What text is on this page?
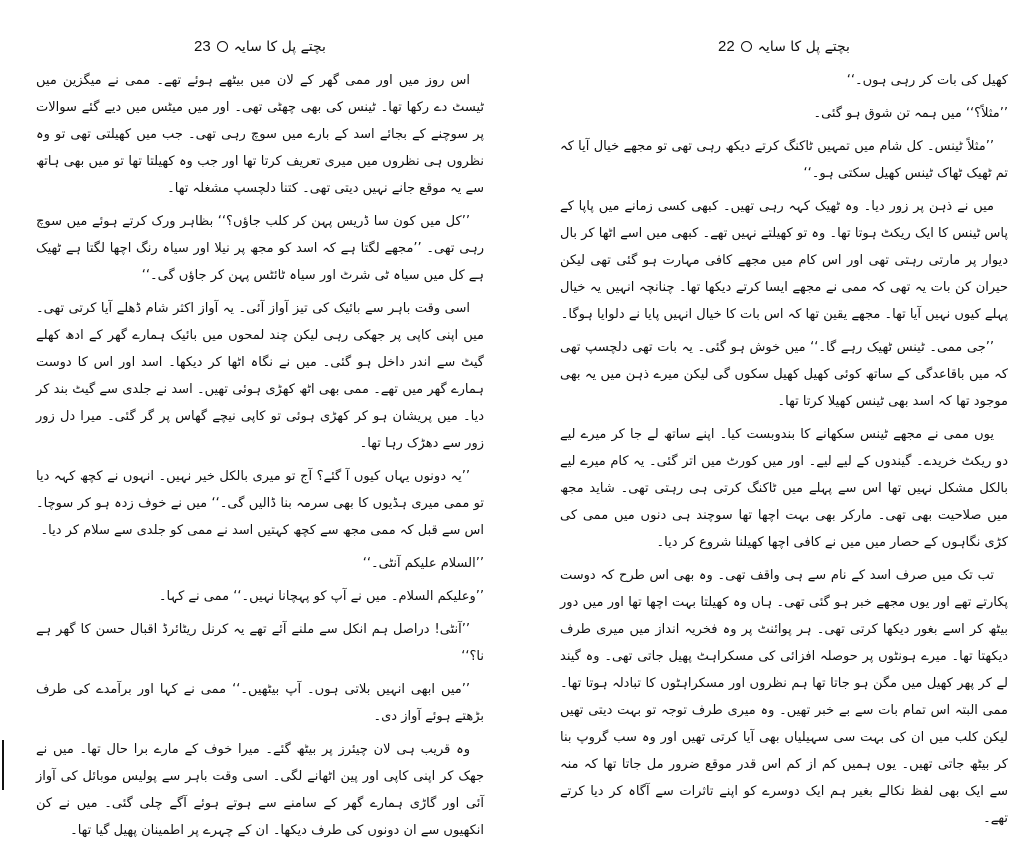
23 بچتے پل کا سایہ

اس روز میں اور ممی گھر کے لان میں بیٹھے ہوئے تھے۔ ممی نے میگزین میں ٹیسٹ دے رکھا تھا۔ ٹینس کی بھی چھٹی تھی۔ اور میں میٹس میں دیے گئے سوالات پر سوچنے کے بجائے اسد کے بارے میں سوچ رہی تھی۔ جب میں کھیلتی تھی تو وہ نظروں ہی نظروں میں میری تعریف کرتا تھا اور جب وہ کھیلتا تھا تو میں بھی ہاتھ سے یہ موقع جانے نہیں دیتی تھی۔ کتنا دلچسپ مشغلہ تھا۔

’’کل میں کون سا ڈریس پہن کر کلب جاؤں؟‘‘ بظاہر ورک کرتے ہوئے میں سوچ رہی تھی۔ ’’مجھے لگتا ہے کہ اسد کو مجھ پر نیلا اور سیاہ رنگ اچھا لگتا ہے ٹھیک ہے کل میں سیاہ ٹی شرٹ اور سیاہ ٹائٹس پہن کر جاؤں گی۔‘‘

اسی وقت باہر سے بائیک کی تیز آواز آئی۔ یہ آواز اکثر شام ڈھلے آیا کرتی تھی۔ میں اپنی کاپی پر جھکی رہی لیکن چند لمحوں میں بائیک ہمارے گھر کے ادھ کھلے گیٹ سے اندر داخل ہو گئی۔ میں نے نگاہ اٹھا کر دیکھا۔ اسد اور اس کا دوست ہمارے گھر میں تھے۔ ممی بھی اٹھ کھڑی ہوئی تھیں۔ اسد نے جلدی سے گیٹ بند کر دیا۔ میں پریشان ہو کر کھڑی ہوئی تو کاپی نیچے گھاس پر گر گئی۔ میرا دل زور زور سے دھڑک رہا تھا۔

’’یہ دونوں یہاں کیوں آ گئے؟ آج تو میری بالکل خیر نہیں۔ انہوں نے کچھ کہہ دیا تو ممی میری ہڈیوں کا بھی سرمہ بنا ڈالیں گی۔‘‘ میں نے خوف زدہ ہو کر سوچا۔ اس سے قبل کہ ممی مجھ سے کچھ کہتیں اسد نے ممی کو جلدی سے سلام کر دیا۔

’’السلام علیکم آنٹی۔‘‘

’’وعلیکم السلام۔ میں نے آپ کو پہچانا نہیں۔‘‘ ممی نے کہا۔

’’آنٹی! دراصل ہم انکل سے ملنے آئے تھے یہ کرنل ریٹائرڈ اقبال حسن کا گھر ہے نا؟‘‘

’’میں ابھی انہیں بلاتی ہوں۔ آپ بیٹھیں۔‘‘ ممی نے کہا اور برآمدے کی طرف بڑھتے ہوئے آواز دی۔

وہ قریب ہی لان چیئرز پر بیٹھ گئے۔ میرا خوف کے مارے برا حال تھا۔ میں نے جھک کر اپنی کاپی اور پین اٹھانے لگی۔ اسی وقت باہر سے پولیس موبائل کی آواز آئی اور گاڑی ہمارے گھر کے سامنے سے ہوتے ہوئے آگے چلی گئی۔ میں نے کن انکھیوں سے ان دونوں کی طرف دیکھا۔ ان کے چہرے پر اطمینان پھیل گیا تھا۔

22 بچتے پل کا سایہ

کھیل کی بات کر رہی ہوں۔‘‘

’’مثلاً؟‘‘ میں ہمہ تن شوق ہو گئی۔

’’مثلاً ٹینس۔ کل شام میں تمہیں ٹاکنگ کرتے دیکھ رہی تھی تو مجھے خیال آیا کہ تم ٹھیک ٹھاک ٹینس کھیل سکتی ہو۔‘‘

میں نے ذہن پر زور دیا۔ وہ ٹھیک کہہ رہی تھیں۔ کبھی کسی زمانے میں پاپا کے پاس ٹینس کا ایک ریکٹ ہوتا تھا۔ وہ تو کھیلتے نہیں تھے۔ کبھی میں اسے اٹھا کر بال دیوار پر مارتی رہتی تھی اور اس کام میں مجھے کافی مہارت ہو گئی تھی لیکن حیران کن بات یہ تھی کہ ممی نے مجھے ایسا کرتے دیکھا تھا۔ چنانچہ انہیں یہ خیال پہلے کیوں نہیں آیا تھا۔ مجھے یقین تھا کہ اس بات کا خیال انہیں پایا نے دلوایا ہوگا۔

’’جی ممی۔ ٹینس ٹھیک رہے گا۔‘‘ میں خوش ہو گئی۔ یہ بات تھی دلچسپ تھی کہ میں باقاعدگی کے ساتھ کوئی کھیل کھیل سکوں گی لیکن میرے ذہن میں یہ بھی موجود تھا کہ اسد بھی ٹینس کھیلا کرتا تھا۔

یوں ممی نے مجھے ٹینس سکھانے کا بندوبست کیا۔ اپنے ساتھ لے جا کر میرے لیے دو ریکٹ خریدے۔ گیندوں کے لیے لیے۔ اور میں کورٹ میں اتر گئی۔ یہ کام میرے لیے بالکل مشکل نہیں تھا اس سے پہلے میں ٹاکنگ کرتی ہی رہتی تھی۔ شاید مجھ میں صلاحیت بھی تھی۔ مارکر بھی بہت اچھا تھا سوچند ہی دنوں میں ممی کی کڑی نگاہوں کے حصار میں میں نے کافی اچھا کھیلنا شروع کر دیا۔

تب تک میں صرف اسد کے نام سے ہی واقف تھی۔ وہ بھی اس طرح کہ دوست پکارتے تھے اور یوں مجھے خبر ہو گئی تھی۔ ہاں وہ کھیلتا بہت اچھا تھا اور میں دور بیٹھ کر اسے بغور دیکھا کرتی تھی۔ ہر پوائنٹ پر وہ فخریہ انداز میں میری طرف دیکھتا تھا۔ میرے ہونٹوں پر حوصلہ افزائی کی مسکراہٹ پھیل جاتی تھی۔ وہ گیند لے کر پھر کھیل میں مگن ہو جاتا تھا ہم نظروں اور مسکراہٹوں کا تبادلہ ہوتا تھا۔ ممی البتہ اس تمام بات سے بے خبر تھیں۔ وہ میری طرف توجہ تو بہت دیتی تھیں لیکن کلب میں ان کی بہت سی سہیلیاں بھی آیا کرتی تھیں اور وہ سب گروپ بنا کر بیٹھ جاتی تھیں۔ یوں ہمیں کم از کم اس قدر موقع ضرور مل جاتا تھا کہ منہ سے ایک بھی لفظ نکالے بغیر ہم ایک دوسرے کو اپنے تاثرات سے آگاہ کر دیا کرتے تھے۔
